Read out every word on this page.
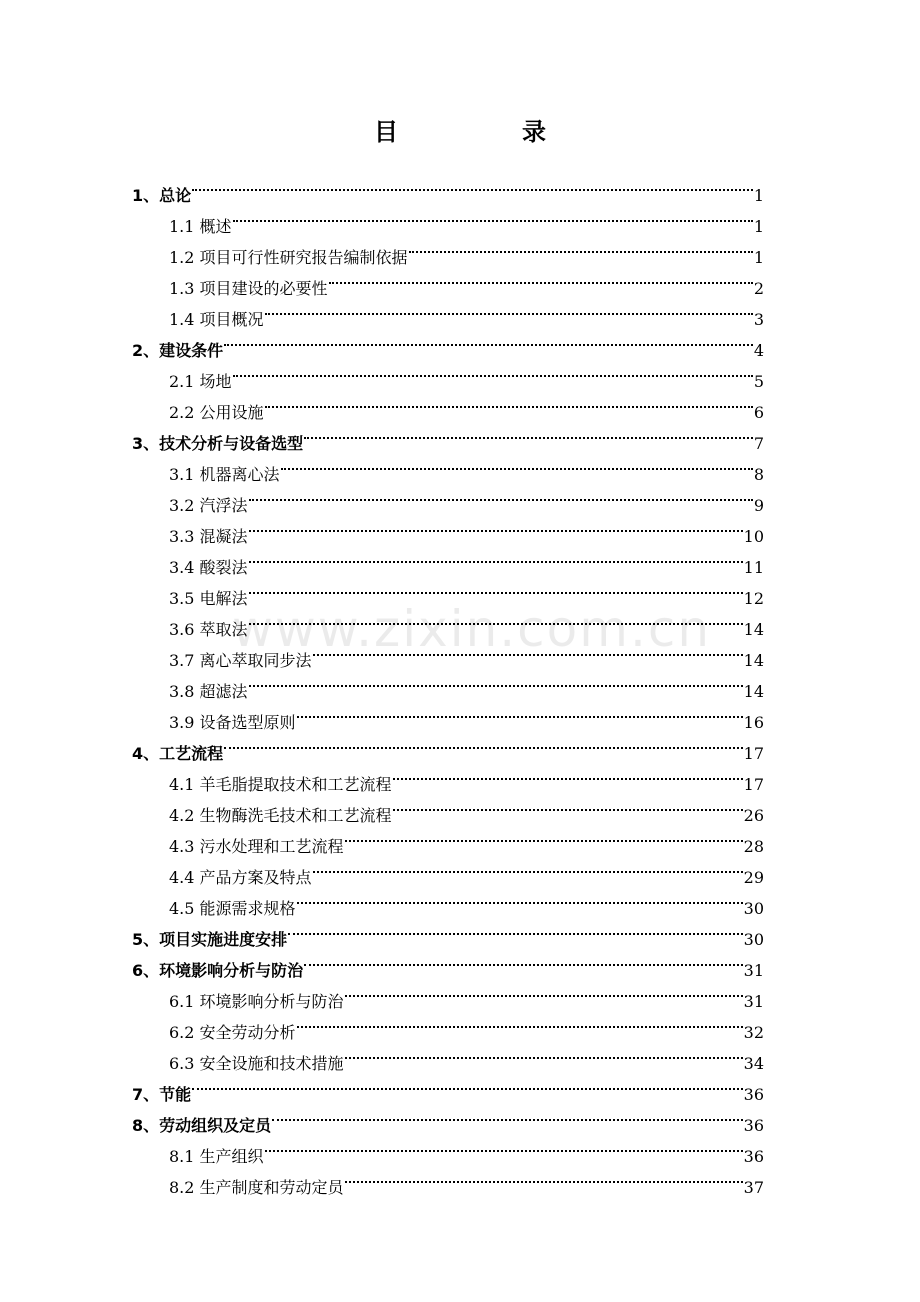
目	录
www.zixin.com.cn
1、总论	1
1.1 概述	1
1.2 项目可行性研究报告编制依据	1
1.3 项目建设的必要性	2
1.4 项目概况	3
2、建设条件	4
2.1 场地	5
2.2 公用设施	6
3、技术分析与设备选型	7
3.1 机器离心法	8
3.2 汽浮法	9
3.3 混凝法	10
3.4 酸裂法	11
3.5 电解法	12
3.6 萃取法	14
3.7 离心萃取同步法	14
3.8 超滤法	14
3.9 设备选型原则	16
4、工艺流程	17
4.1 羊毛脂提取技术和工艺流程	17
4.2 生物酶洗毛技术和工艺流程	26
4.3 污水处理和工艺流程	28
4.4 产品方案及特点	29
4.5 能源需求规格	30
5、项目实施进度安排	30
6、环境影响分析与防治	31
6.1 环境影响分析与防治	31
6.2 安全劳动分析	32
6.3 安全设施和技术措施	34
7、节能	36
8、劳动组织及定员	36
8.1 生产组织	36
8.2 生产制度和劳动定员	37
